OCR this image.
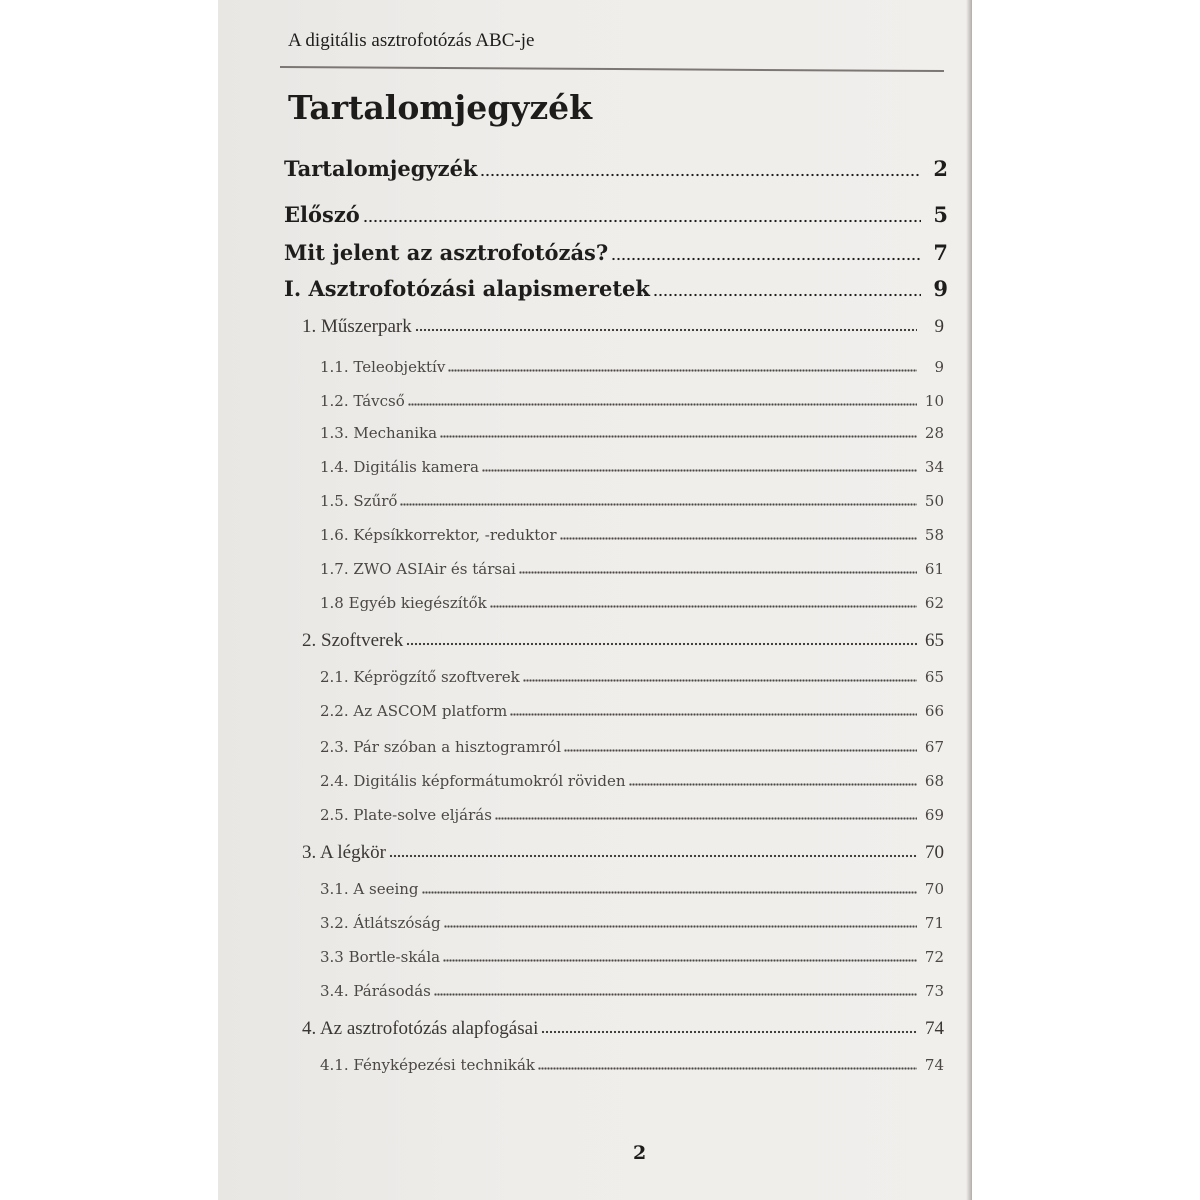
A digitális asztrofotózás ABC-je
Tartalomjegyzék
Tartalomjegyzék	2
Előszó	5
Mit jelent az asztrofotózás?	7
I. Asztrofotózási alapismeretek	9
1. Műszerpark	9
1.1. Teleobjektív	9
1.2. Távcső	10
1.3. Mechanika	28
1.4. Digitális kamera	34
1.5. Szűrő	50
1.6. Képsíkkorrektor, -reduktor	58
1.7. ZWO ASIAir és társai	61
1.8 Egyéb kiegészítők	62
2. Szoftverek	65
2.1. Képrögzítő szoftverek	65
2.2. Az ASCOM platform	66
2.3. Pár szóban a hisztogramról	67
2.4. Digitális képformátumokról röviden	68
2.5. Plate-solve eljárás	69
3. A légkör	70
3.1. A seeing	70
3.2. Átlátszóság	71
3.3 Bortle-skála	72
3.4. Párásodás	73
4. Az asztrofotózás alapfogásai	74
4.1. Fényképezési technikák	74
2
